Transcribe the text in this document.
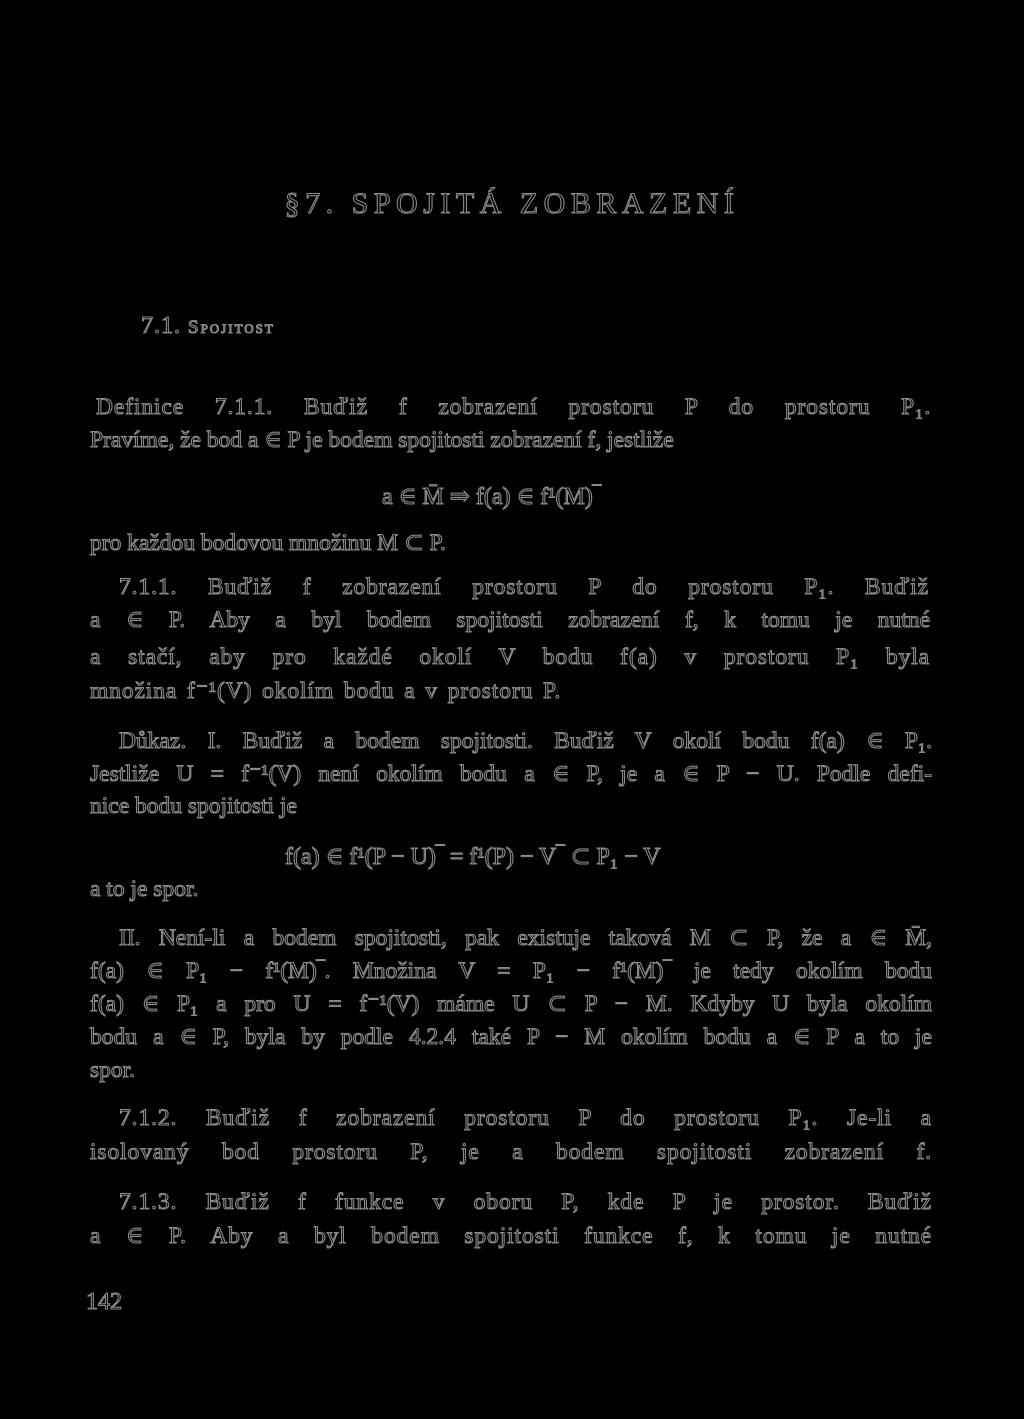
§7. SPOJITÁ ZOBRAZENÍ
7.1. Spojitost

Definice 7.1.1. Buďiž f zobrazení prostoru P do prostoru P₁.

Pravíme, že bod a ∈ P je bodem spojitosti zobrazení f, jestliže

a ∈ M̄ ⇒ f(a) ∈ f¹(M)‾

pro každou bodovou množinu M ⊂ P.

7.1.1. Buďiž f zobrazení prostoru P do prostoru P₁. Buďiž

a ∈ P. Aby a byl bodem spojitosti zobrazení f, k tomu je nutné

a stačí, aby pro každé okolí V bodu f(a) v prostoru P₁ byla

množina f⁻¹(V) okolím bodu a v prostoru P.

Důkaz. I. Buďiž a bodem spojitosti. Buďiž V okolí bodu f(a) ∈ P₁.

Jestliže U = f⁻¹(V) není okolím bodu a ∈ P, je a ∈ P − U. Podle defi-

nice bodu spojitosti je

f(a) ∈ f¹(P − U)‾ = f¹(P) − V‾ ⊂ P₁ − V

a to je spor.

II. Není-li a bodem spojitosti, pak existuje taková M ⊂ P, že a ∈ M̄,

f(a) ∈ P₁ − f¹(M)‾. Množina V = P₁ − f¹(M)‾ je tedy okolím bodu

f(a) ∈ P₁ a pro U = f⁻¹(V) máme U ⊂ P − M. Kdyby U byla okolím

bodu a ∈ P, byla by podle 4.2.4 také P − M okolím bodu a ∈ P a to je

spor.

7.1.2. Buďiž f zobrazení prostoru P do prostoru P₁. Je-li a

isolovaný bod prostoru P, je a bodem spojitosti zobrazení f.

7.1.3. Buďiž f funkce v oboru P, kde P je prostor. Buďiž

a ∈ P. Aby a byl bodem spojitosti funkce f, k tomu je nutné

142
